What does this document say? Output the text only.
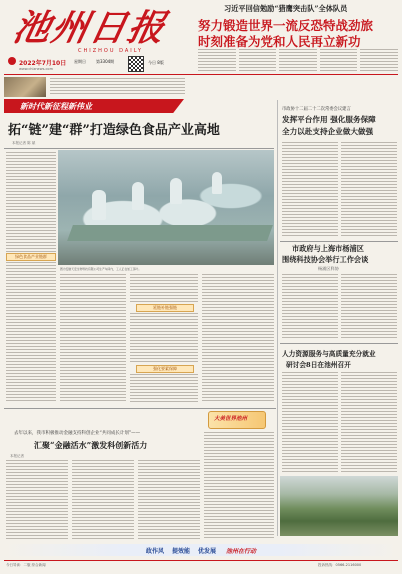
池州日报
CHIZHOU DAILY
2022年7月10日 星期日	第3304期
www.chiznews.com
今日 8版
习近平回信勉励“猎鹰突击队”全体队员
努力锻造世界一流反恐特战劲旅
时刻准备为党和人民再立新功
新时代新征程新伟业
拓“链”建“群”打造绿色食品产业高地
本报记者 陈 斌
绿色食品产业链群
图为安徽天安生物科技有限公司生产车间内，工人正在加工茶叶。
延链补链强链
强化要素保障
市政协十二届二十二次常委会议建言
发挥平台作用 强化服务保障
全力以赴支持企业做大做强
市政府与上海市杨浦区
围绕科技协会举行工作会谈
杨浦区科协
人力资源服务与高质量充分就业
研讨会8日在池州召开
大美世界池州
去年以来，我市积极推动金融支持科创企业“共同成长计划”——
汇聚“金融活水”激发科创新活力
本报记者
政作风 提效能 优发展 池州在行动
今日导读：二版 综合新闻	投诉热线：0566-2116000
